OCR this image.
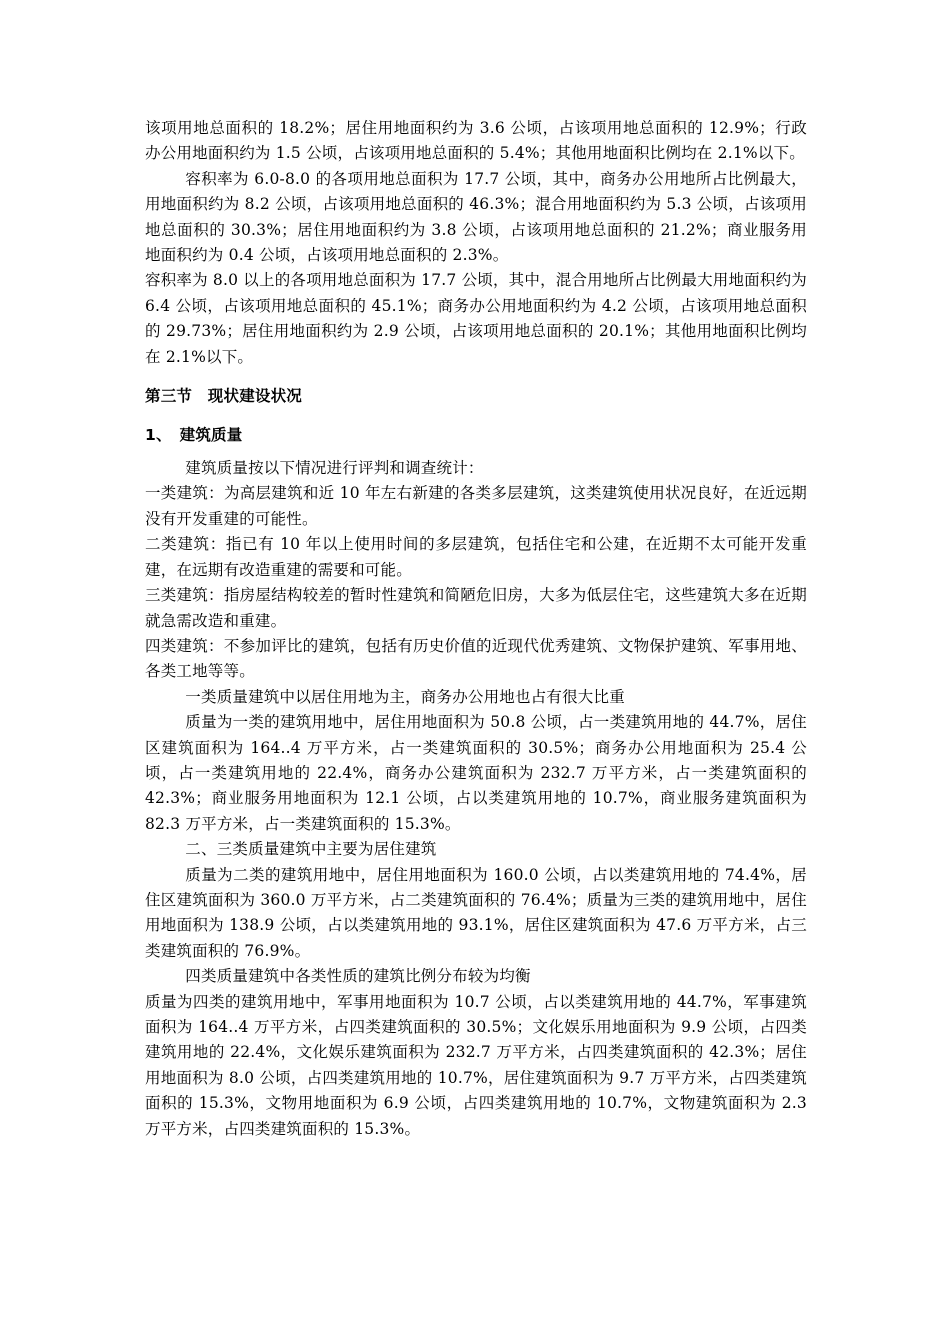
该项用地总面积的 18.2%；居住用地面积约为 3.6 公顷，占该项用地总面积的 12.9%；行政办公用地面积约为 1.5 公顷，占该项用地总面积的 5.4%；其他用地面积比例均在 2.1%以下。

容积率为 6.0-8.0 的各项用地总面积为 17.7 公顷，其中，商务办公用地所占比例最大，用地面积约为 8.2 公顷，占该项用地总面积的 46.3%；混合用地面积约为 5.3 公顷，占该项用地总面积的 30.3%；居住用地面积约为 3.8 公顷，占该项用地总面积的 21.2%；商业服务用地面积约为 0.4 公顷，占该项用地总面积的 2.3%。

容积率为 8.0 以上的各项用地总面积为 17.7 公顷，其中，混合用地所占比例最大用地面积约为 6.4 公顷，占该项用地总面积的 45.1%；商务办公用地面积约为 4.2 公顷，占该项用地总面积的 29.73%；居住用地面积约为 2.9 公顷，占该项用地总面积的 20.1%；其他用地面积比例均在 2.1%以下。

第三节　现状建设状况

1、　建筑质量

建筑质量按以下情况进行评判和调查统计：

一类建筑：为高层建筑和近 10 年左右新建的各类多层建筑，这类建筑使用状况良好，在近远期没有开发重建的可能性。

二类建筑：指已有 10 年以上使用时间的多层建筑，包括住宅和公建，在近期不太可能开发重建，在远期有改造重建的需要和可能。

三类建筑：指房屋结构较差的暂时性建筑和简陋危旧房，大多为低层住宅，这些建筑大多在近期就急需改造和重建。

四类建筑：不参加评比的建筑，包括有历史价值的近现代优秀建筑、文物保护建筑、军事用地、各类工地等等。

一类质量建筑中以居住用地为主，商务办公用地也占有很大比重

质量为一类的建筑用地中，居住用地面积为 50.8 公顷，占一类建筑用地的 44.7%，居住区建筑面积为 164..4 万平方米，占一类建筑面积的 30.5%；商务办公用地面积为 25.4 公顷，占一类建筑用地的 22.4%，商务办公建筑面积为 232.7 万平方米，占一类建筑面积的 42.3%；商业服务用地面积为 12.1 公顷，占以类建筑用地的 10.7%，商业服务建筑面积为 82.3 万平方米，占一类建筑面积的 15.3%。

二、三类质量建筑中主要为居住建筑

质量为二类的建筑用地中，居住用地面积为 160.0 公顷，占以类建筑用地的 74.4%，居住区建筑面积为 360.0 万平方米，占二类建筑面积的 76.4%；质量为三类的建筑用地中，居住用地面积为 138.9 公顷，占以类建筑用地的 93.1%，居住区建筑面积为 47.6 万平方米，占三类建筑面积的 76.9%。

四类质量建筑中各类性质的建筑比例分布较为均衡

质量为四类的建筑用地中，军事用地面积为 10.7 公顷，占以类建筑用地的 44.7%，军事建筑面积为 164..4 万平方米，占四类建筑面积的 30.5%；文化娱乐用地面积为 9.9 公顷，占四类建筑用地的 22.4%，文化娱乐建筑面积为 232.7 万平方米，占四类建筑面积的 42.3%；居住用地面积为 8.0 公顷，占四类建筑用地的 10.7%，居住建筑面积为 9.7 万平方米，占四类建筑面积的 15.3%，文物用地面积为 6.9 公顷，占四类建筑用地的 10.7%，文物建筑面积为 2.3 万平方米，占四类建筑面积的 15.3%。
